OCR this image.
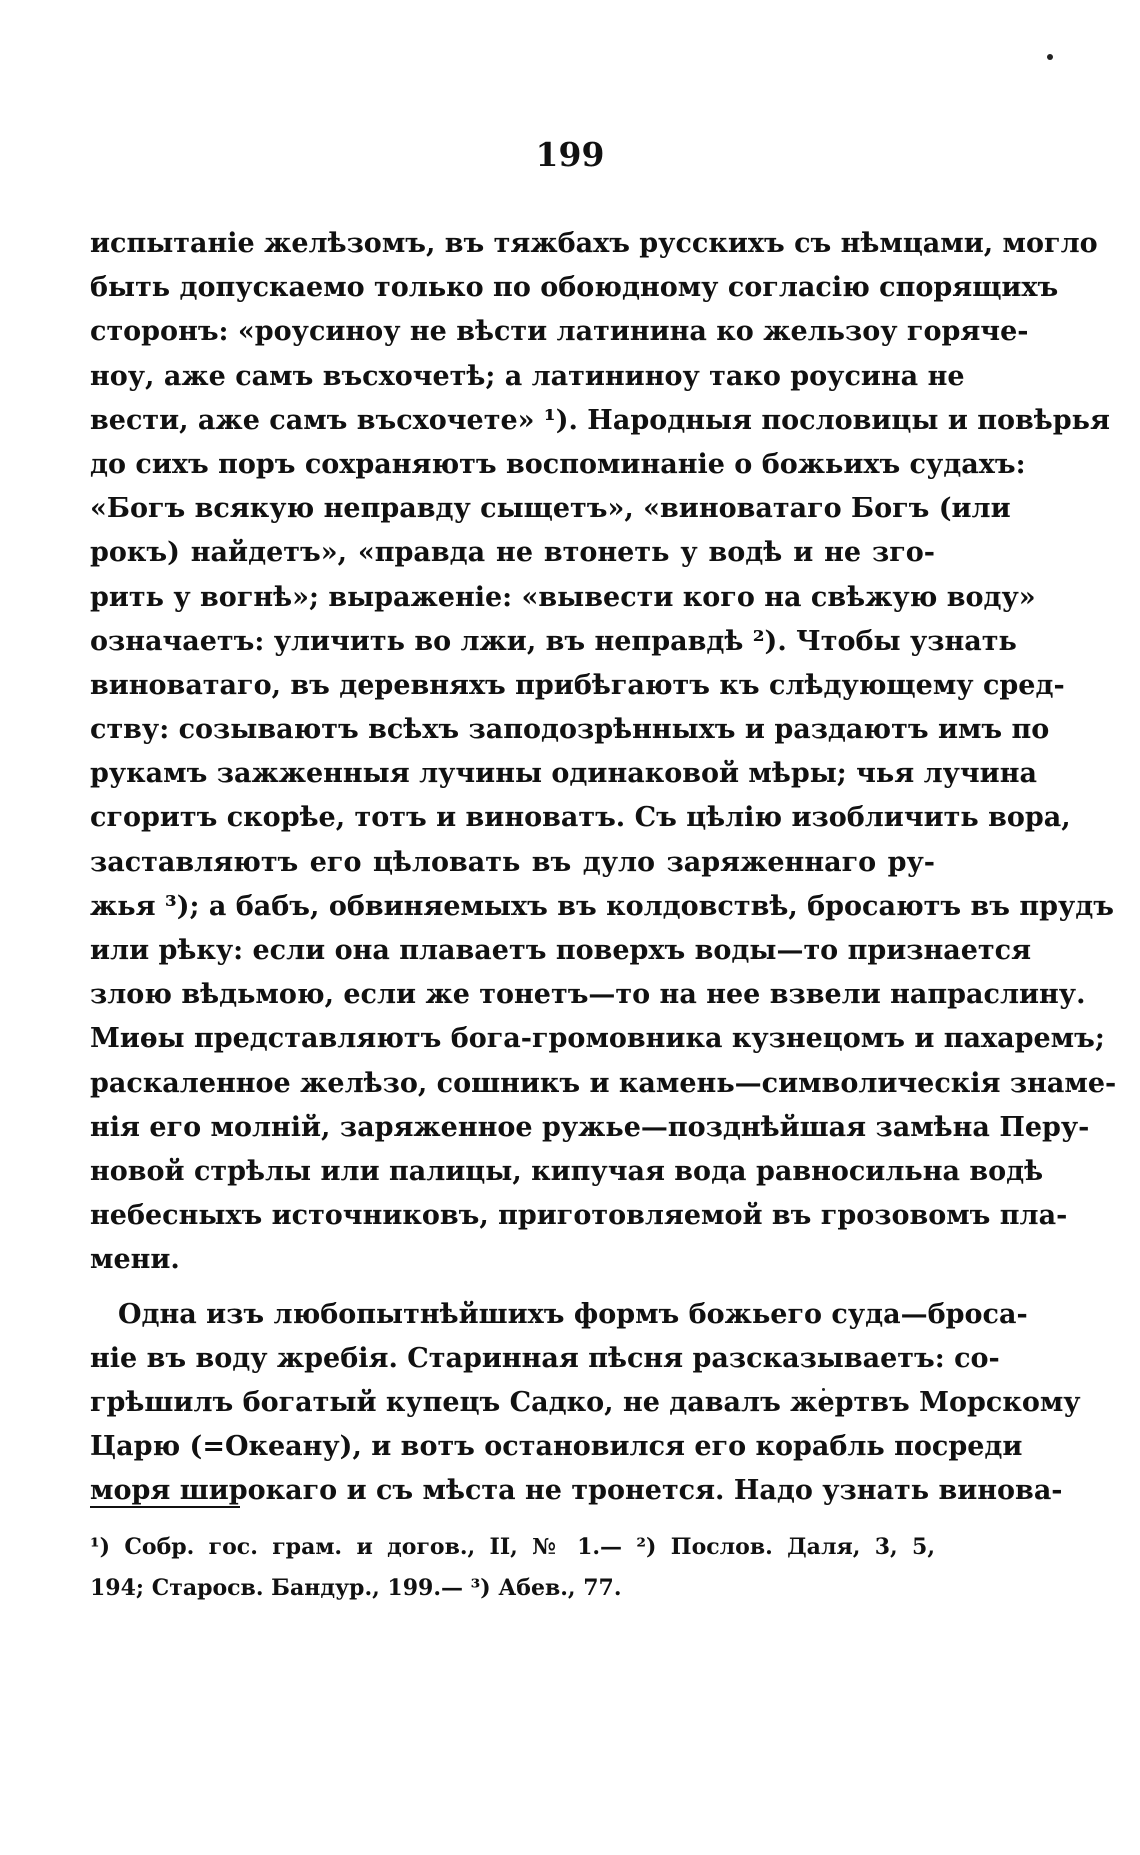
199
испытаніе желѣзомъ, въ тяжбахъ русскихъ съ нѣмцами, могло
быть допускаемо только по обоюдному согласію спорящихъ
сторонъ: «роусиноу не вѣсти латинина ко жельзоу горяче-
ноу, аже самъ въсхочетѣ; а латининоу тако роусина не
вести, аже самъ въсхочете» ¹). Народныя пословицы и повѣрья
до сихъ поръ сохраняютъ воспоминаніе о божьихъ судахъ:
«Богъ всякую неправду сыщетъ», «виноватаго Богъ (или
рокъ) найдетъ», «правда не втонеть у водѣ и не зго-
рить у вогнѣ»; выраженіе: «вывести кого на свѣжую воду»
означаетъ: уличить во лжи, въ неправдѣ ²). Чтобы узнать
виноватаго, въ деревняхъ прибѣгаютъ къ слѣдующему сред-
ству: созываютъ всѣхъ заподозрѣнныхъ и раздаютъ имъ по
рукамъ зажженныя лучины одинаковой мѣры; чья лучина
сгоритъ скорѣе, тотъ и виноватъ. Съ цѣлію изобличить вора,
заставляютъ его цѣловать въ дуло заряженнаго ру-
жья ³); а бабъ, обвиняемыхъ въ колдовствѣ, бросаютъ въ прудъ
или рѣку: если она плаваетъ поверхъ воды—то признается
злою вѣдьмою, если же тонетъ—то на нее взвели напраслину.
Миѳы представляютъ бога-громовника кузнецомъ и пахаремъ;
раскаленное желѣзо, сошникъ и камень—символическія знаме-
нія его молній, заряженное ружье—позднѣйшая замѣна Перу-
новой стрѣлы или палицы, кипучая вода равносильна водѣ
небесныхъ источниковъ, приготовляемой въ грозовомъ пла-
мени.
Одна изъ любопытнѣйшихъ формъ божьего суда—броса-
ніе въ воду жребія. Старинная пѣсня разсказываетъ: со-
грѣшилъ богатый купецъ Садко, не давалъ жертвъ Морскому
Царю (=Океану), и вотъ остановился его корабль посреди
моря широкаго и съ мѣста не тронется. Надо узнать винова-
¹) Собр. гос. грам. и догов., II, № 1.— ²) Послов. Даля, 3, 5,
194; Старосв. Бандур., 199.— ³) Абев., 77.
